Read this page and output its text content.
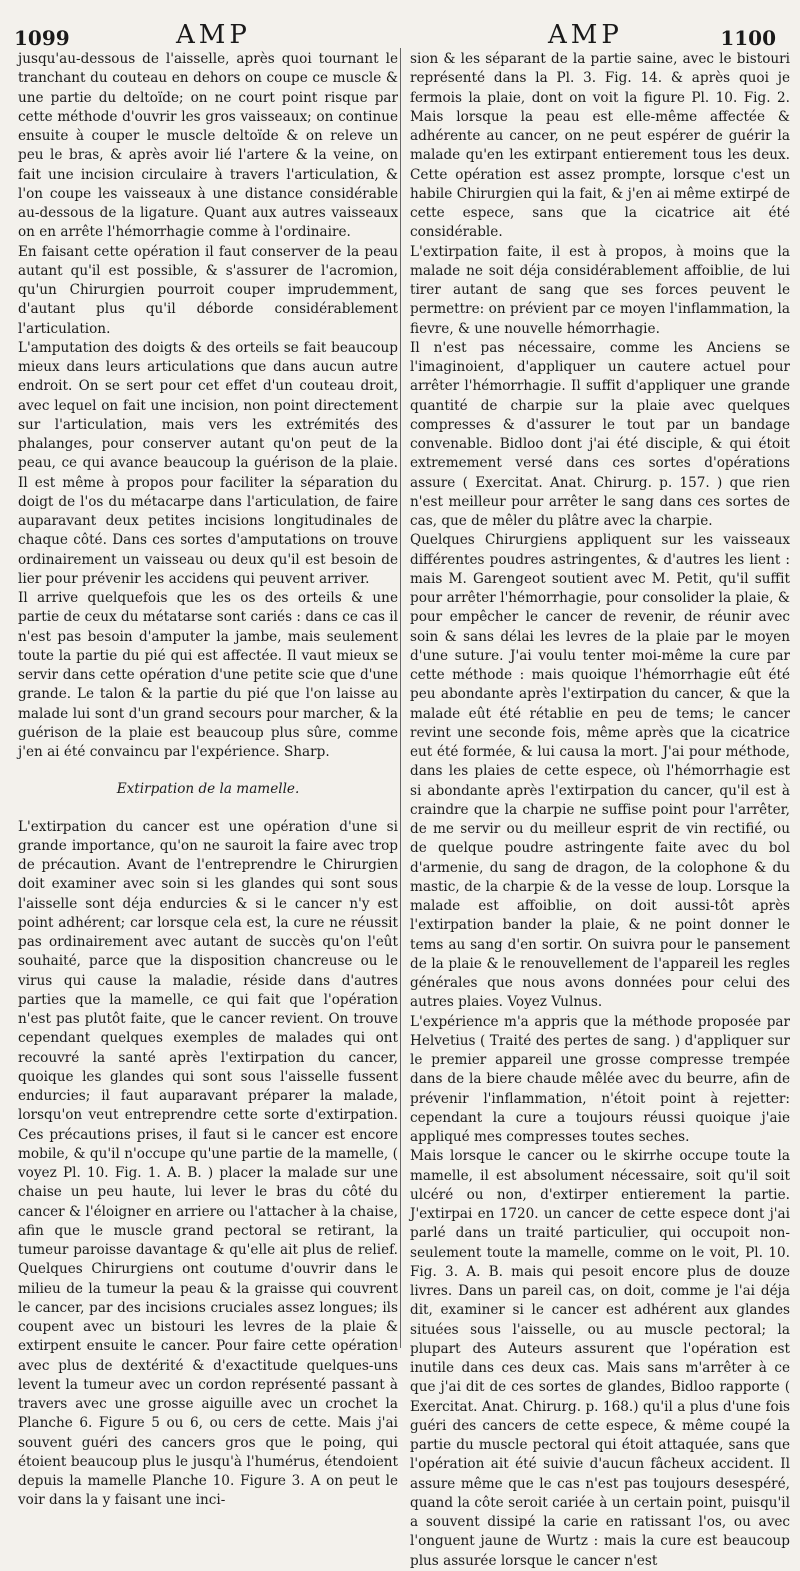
1099	AMP	AMP	1100

jusqu'au-dessous de l'aisselle, après quoi tournant le tranchant du couteau en dehors on coupe ce muscle & une partie du deltoïde; on ne court point risque par cette méthode d'ouvrir les gros vaisseaux; on continue ensuite à couper le muscle deltoïde & on releve un peu le bras, & après avoir lié l'artere & la veine, on fait une incision circulaire à travers l'articulation, & l'on coupe les vaisseaux à une distance considérable au-dessous de la ligature. Quant aux autres vaisseaux on en arrête l'hémorrhagie comme à l'ordinaire.

En faisant cette opération il faut conserver de la peau autant qu'il est possible, & s'assurer de l'acromion, qu'un Chirurgien pourroit couper imprudemment, d'autant plus qu'il déborde considérablement l'articulation.

L'amputation des doigts & des orteils se fait beaucoup mieux dans leurs articulations que dans aucun autre endroit. On se sert pour cet effet d'un couteau droit, avec lequel on fait une incision, non point directement sur l'articulation, mais vers les extrémités des phalanges, pour conserver autant qu'on peut de la peau, ce qui avance beaucoup la guérison de la plaie. Il est même à propos pour faciliter la séparation du doigt de l'os du métacarpe dans l'articulation, de faire auparavant deux petites incisions longitudinales de chaque côté. Dans ces sortes d'amputations on trouve ordinairement un vaisseau ou deux qu'il est besoin de lier pour prévenir les accidens qui peuvent arriver.

Il arrive quelquefois que les os des orteils & une partie de ceux du métatarse sont cariés : dans ce cas il n'est pas besoin d'amputer la jambe, mais seulement toute la partie du pié qui est affectée. Il vaut mieux se servir dans cette opération d'une petite scie que d'une grande. Le talon & la partie du pié que l'on laisse au malade lui sont d'un grand secours pour marcher, & la guérison de la plaie est beaucoup plus sûre, comme j'en ai été convaincu par l'expérience. Sharp.

Extirpation de la mamelle.

L'extirpation du cancer est une opération d'une si grande importance, qu'on ne sauroit la faire avec trop de précaution. Avant de l'entreprendre le Chirurgien doit examiner avec soin si les glandes qui sont sous l'aisselle sont déja endurcies & si le cancer n'y est point adhérent; car lorsque cela est, la cure ne réussit pas ordinairement avec autant de succès qu'on l'eût souhaité, parce que la disposition chancreuse ou le virus qui cause la maladie, réside dans d'autres parties que la mamelle, ce qui fait que l'opération n'est pas plutôt faite, que le cancer revient. On trouve cependant quelques exemples de malades qui ont recouvré la santé après l'extirpation du cancer, quoique les glandes qui sont sous l'aisselle fussent endurcies; il faut auparavant préparer la malade, lorsqu'on veut entreprendre cette sorte d'extirpation. Ces précautions prises, il faut si le cancer est encore mobile, & qu'il n'occupe qu'une partie de la mamelle, ( voyez Pl. 10. Fig. 1. A. B. ) placer la malade sur une chaise un peu haute, lui lever le bras du côté du cancer & l'éloigner en arriere ou l'attacher à la chaise, afin que le muscle grand pectoral se retirant, la tumeur paroisse davantage & qu'elle ait plus de relief. Quelques Chirurgiens ont coutume d'ouvrir dans le milieu de la tumeur la peau & la graisse qui couvrent le cancer, par des incisions cruciales assez longues; ils coupent avec un bistouri les levres de la plaie & extirpent ensuite le cancer. Pour faire cette opération avec plus de dextérité & d'exactitude quelques-uns levent la tumeur avec un cordon représenté passant à travers avec une grosse aiguille avec un crochet la Planche 6. Figure 5 ou 6, ou cers de cette. Mais j'ai souvent guéri des cancers gros que le poing, qui étoient beaucoup plus le jusqu'à l'humérus, étendoient depuis la mamelle Planche 10. Figure 3. A on peut le voir dans la y faisant une inci-

sion & les séparant de la partie saine, avec le bistouri représenté dans la Pl. 3. Fig. 14. & après quoi je fermois la plaie, dont on voit la figure Pl. 10. Fig. 2. Mais lorsque la peau est elle-même affectée & adhérente au cancer, on ne peut espérer de guérir la malade qu'en les extirpant entierement tous les deux. Cette opération est assez prompte, lorsque c'est un habile Chirurgien qui la fait, & j'en ai même extirpé de cette espece, sans que la cicatrice ait été considérable.

L'extirpation faite, il est à propos, à moins que la malade ne soit déja considérablement affoiblie, de lui tirer autant de sang que ses forces peuvent le permettre: on prévient par ce moyen l'inflammation, la fievre, & une nouvelle hémorrhagie.

Il n'est pas nécessaire, comme les Anciens se l'imaginoient, d'appliquer un cautere actuel pour arrêter l'hémorrhagie. Il suffit d'appliquer une grande quantité de charpie sur la plaie avec quelques compresses & d'assurer le tout par un bandage convenable. Bidloo dont j'ai été disciple, & qui étoit extremement versé dans ces sortes d'opérations assure ( Exercitat. Anat. Chirurg. p. 157. ) que rien n'est meilleur pour arrêter le sang dans ces sortes de cas, que de mêler du plâtre avec la charpie.

Quelques Chirurgiens appliquent sur les vaisseaux différentes poudres astringentes, & d'autres les lient : mais M. Garengeot soutient avec M. Petit, qu'il suffit pour arrêter l'hémorrhagie, pour consolider la plaie, & pour empêcher le cancer de revenir, de réunir avec soin & sans délai les levres de la plaie par le moyen d'une suture. J'ai voulu tenter moi-même la cure par cette méthode : mais quoique l'hémorrhagie eût été peu abondante après l'extirpation du cancer, & que la malade eût été rétablie en peu de tems; le cancer revint une seconde fois, même après que la cicatrice eut été formée, & lui causa la mort. J'ai pour méthode, dans les plaies de cette espece, où l'hémorrhagie est si abondante après l'extirpation du cancer, qu'il est à craindre que la charpie ne suffise point pour l'arrêter, de me servir ou du meilleur esprit de vin rectifié, ou de quelque poudre astringente faite avec du bol d'armenie, du sang de dragon, de la colophone & du mastic, de la charpie & de la vesse de loup. Lorsque la malade est affoiblie, on doit aussi-tôt après l'extirpation bander la plaie, & ne point donner le tems au sang d'en sortir. On suivra pour le pansement de la plaie & le renouvellement de l'appareil les regles générales que nous avons données pour celui des autres plaies. Voyez Vulnus.

L'expérience m'a appris que la méthode proposée par Helvetius ( Traité des pertes de sang. ) d'appliquer sur le premier appareil une grosse compresse trempée dans de la biere chaude mêlée avec du beurre, afin de prévenir l'inflammation, n'étoit point à rejetter: cependant la cure a toujours réussi quoique j'aie appliqué mes compresses toutes seches.

Mais lorsque le cancer ou le skirrhe occupe toute la mamelle, il est absolument nécessaire, soit qu'il soit ulcéré ou non, d'extirper entierement la partie. J'extirpai en 1720. un cancer de cette espece dont j'ai parlé dans un traité particulier, qui occupoit non-seulement toute la mamelle, comme on le voit, Pl. 10. Fig. 3. A. B. mais qui pesoit encore plus de douze livres. Dans un pareil cas, on doit, comme je l'ai déja dit, examiner si le cancer est adhérent aux glandes situées sous l'aisselle, ou au muscle pectoral; la plupart des Auteurs assurent que l'opération est inutile dans ces deux cas. Mais sans m'arrêter à ce que j'ai dit de ces sortes de glandes, Bidloo rapporte ( Exercitat. Anat. Chirurg. p. 168.) qu'il a plus d'une fois guéri des cancers de cette espece, & même coupé la partie du muscle pectoral qui étoit attaquée, sans que l'opération ait été suivie d'aucun fâcheux accident. Il assure même que le cas n'est pas toujours desespéré, quand la côte seroit cariée à un certain point, puisqu'il a souvent dissipé la carie en ratissant l'os, ou avec l'onguent jaune de Wurtz : mais la cure est beaucoup plus assurée lorsque le cancer n'est
